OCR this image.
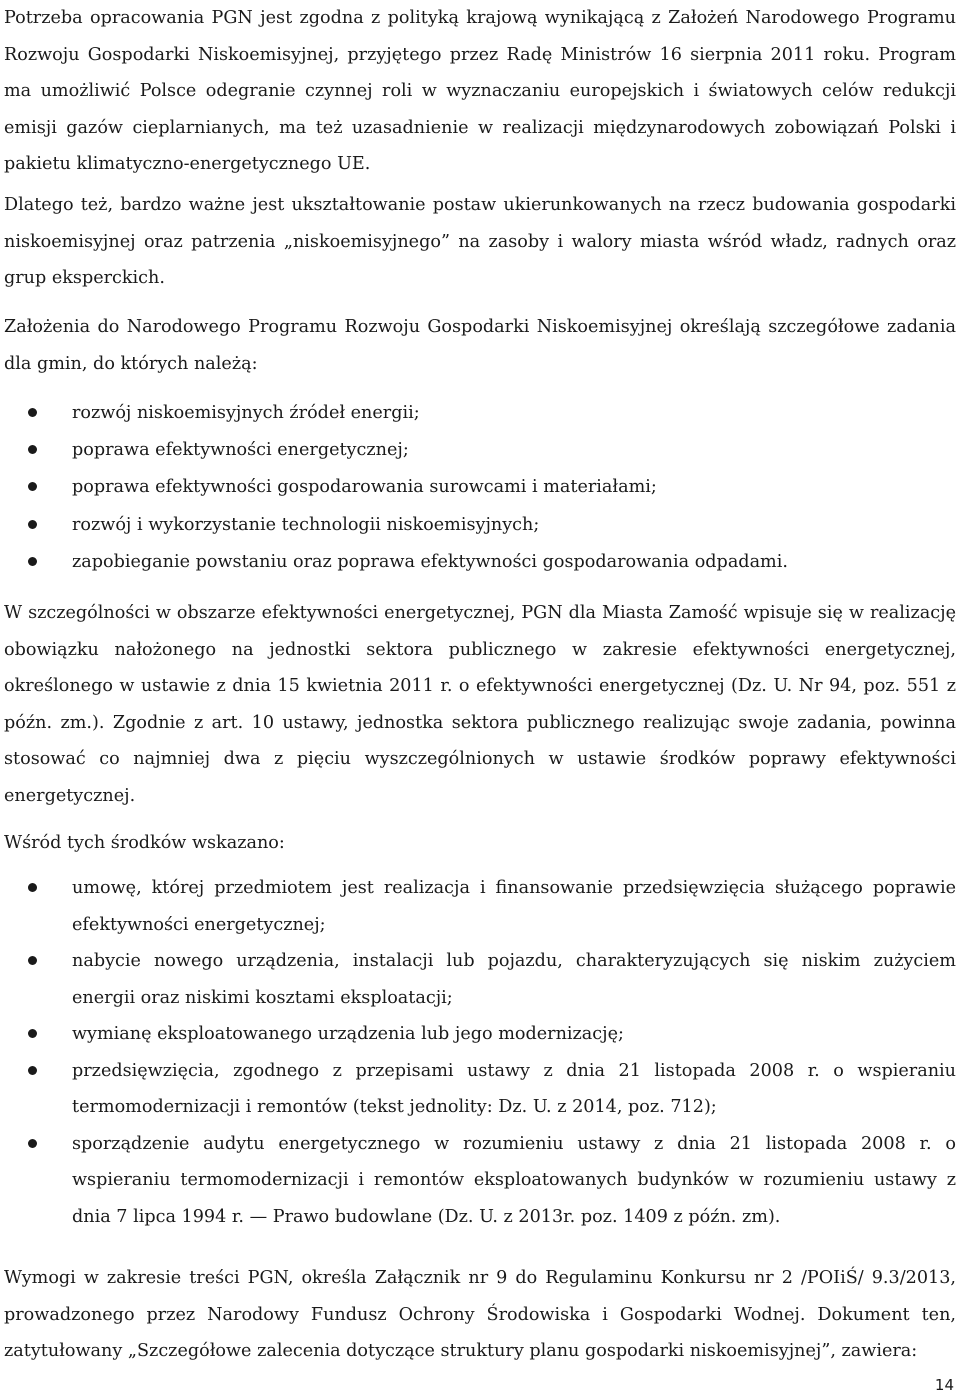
Potrzeba opracowania PGN jest zgodna z polityką krajową wynikającą z Założeń Narodowego Programu Rozwoju Gospodarki Niskoemisyjnej, przyjętego przez Radę Ministrów 16 sierpnia 2011 roku. Program ma umożliwić Polsce odegranie czynnej roli w wyznaczaniu europejskich i światowych celów redukcji emisji gazów cieplarnianych, ma też uzasadnienie w realizacji międzynarodowych zobowiązań Polski i pakietu klimatyczno-energetycznego UE.

Dlatego też, bardzo ważne jest ukształtowanie postaw ukierunkowanych na rzecz budowania gospodarki niskoemisyjnej oraz patrzenia „niskoemisyjnego” na zasoby i walory miasta wśród władz, radnych oraz grup eksperckich.

Założenia do Narodowego Programu Rozwoju Gospodarki Niskoemisyjnej określają szczegółowe zadania dla gmin, do których należą:

rozwój niskoemisyjnych źródeł energii;
poprawa efektywności energetycznej;
poprawa efektywności gospodarowania surowcami i materiałami;
rozwój i wykorzystanie technologii niskoemisyjnych;
zapobieganie powstaniu oraz poprawa efektywności gospodarowania odpadami.

W szczególności w obszarze efektywności energetycznej, PGN dla Miasta Zamość wpisuje się w realizację obowiązku nałożonego na jednostki sektora publicznego w zakresie efektywności energetycznej, określonego w ustawie z dnia 15 kwietnia 2011 r. o efektywności energetycznej (Dz. U. Nr 94, poz. 551 z późn. zm.). Zgodnie z art. 10 ustawy, jednostka sektora publicznego realizując swoje zadania, powinna stosować co najmniej dwa z pięciu wyszczególnionych w ustawie środków poprawy efektywności energetycznej.

Wśród tych środków wskazano:

umowę, której przedmiotem jest realizacja i finansowanie przedsięwzięcia służącego poprawie efektywności energetycznej;
nabycie nowego urządzenia, instalacji lub pojazdu, charakteryzujących się niskim zużyciem energii oraz niskimi kosztami eksploatacji;
wymianę eksploatowanego urządzenia lub jego modernizację;
przedsięwzięcia, zgodnego z przepisami ustawy z dnia 21 listopada 2008 r. o wspieraniu termomodernizacji i remontów (tekst jednolity: Dz. U. z 2014, poz. 712);
sporządzenie audytu energetycznego w rozumieniu ustawy z dnia 21 listopada 2008 r. o wspieraniu termomodernizacji i remontów eksploatowanych budynków w rozumieniu ustawy z dnia 7 lipca 1994 r. — Prawo budowlane (Dz. U. z 2013r. poz. 1409 z późn. zm).

Wymogi w zakresie treści PGN, określa Załącznik nr 9 do Regulaminu Konkursu nr 2 /POIiŚ/ 9.3/2013, prowadzonego przez Narodowy Fundusz Ochrony Środowiska i Gospodarki Wodnej. Dokument ten, zatytułowany „Szczegółowe zalecenia dotyczące struktury planu gospodarki niskoemisyjnej”, zawiera:

14
